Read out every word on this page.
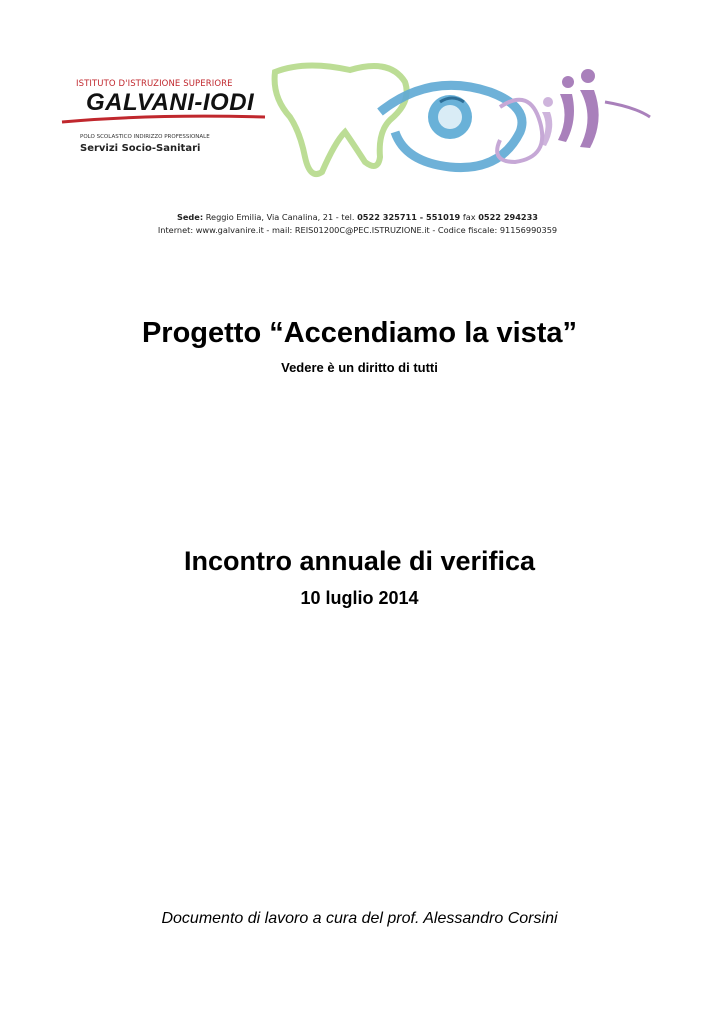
ISTITUTO D'ISTRUZIONE SUPERIORE
GALVANI-IODI
POLO SCOLASTICO INDIRIZZO PROFESSIONALE
Servizi Socio-Sanitari
Sede: Reggio Emilia, Via Canalina, 21 - tel. 0522 325711 - 551019 fax 0522 294233
Internet: www.galvanire.it - mail: REIS01200C@PEC.ISTRUZIONE.it - Codice fiscale: 91156990359
Progetto “Accendiamo la vista”
Vedere è un diritto di tutti
Incontro annuale di verifica
10 luglio 2014
Documento di lavoro a cura del prof. Alessandro Corsini
